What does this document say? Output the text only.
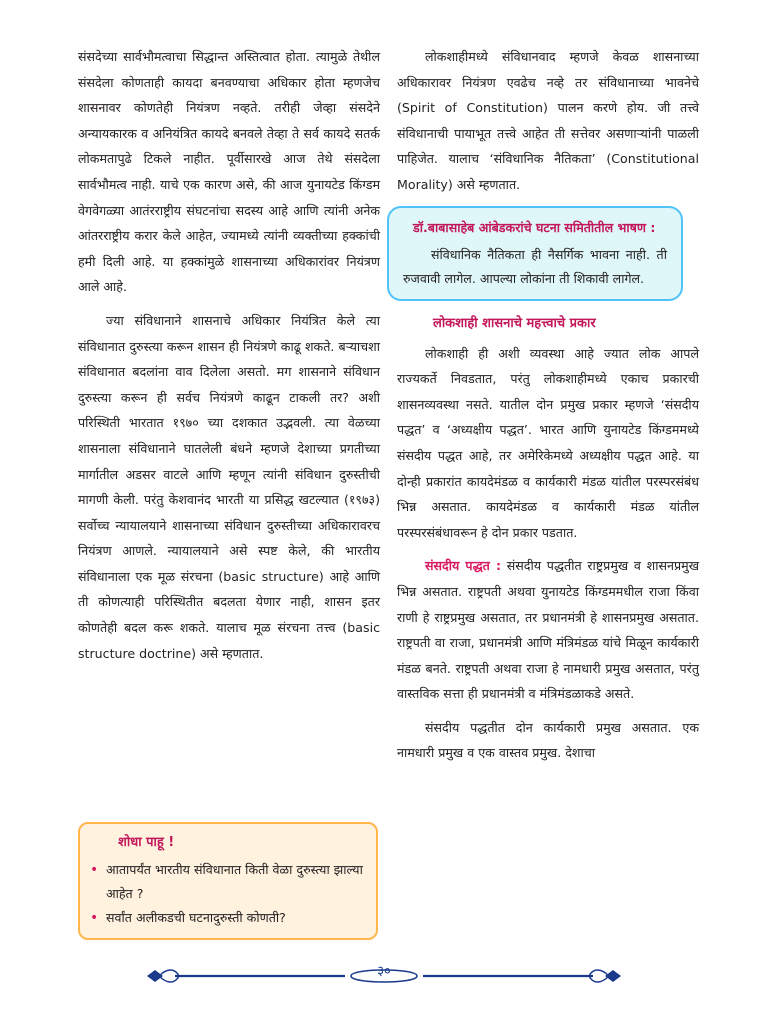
संसदेच्या सार्वभौमत्वाचा सिद्धान्त अस्तित्वात होता. त्यामुळे तेथील संसदेला कोणताही कायदा बनवण्याचा अधिकार होता म्हणजेच शासनावर कोणतेही नियंत्रण नव्हते. तरीही जेव्हा संसदेने अन्यायकारक व अनियंत्रित कायदे बनवले तेव्हा ते सर्व कायदे सतर्क लोकमतापुढे टिकले नाहीत. पूर्वीसारखे आज तेथे संसदेला सार्वभौमत्व नाही. याचे एक कारण असे, की आज युनायटेड किंग्डम वेगवेगळ्या आतंरराष्ट्रीय संघटनांचा सदस्य आहे आणि त्यांनी अनेक आंतरराष्ट्रीय करार केले आहेत, ज्यामध्ये त्यांनी व्यक्तीच्या हक्कांची हमी दिली आहे. या हक्कांमुळे शासनाच्या अधिकारांवर नियंत्रण आले आहे.

ज्या संविधानाने शासनाचे अधिकार नियंत्रित केले त्या संविधानात दुरुस्त्या करून शासन ही नियंत्रणे काढू शकते. बऱ्याचशा संविधानात बदलांना वाव दिलेला असतो. मग शासनाने संविधान दुरुस्त्या करून ही सर्वच नियंत्रणे काढून टाकली तर? अशी परिस्थिती भारतात १९७० च्या दशकात उद्भवली. त्या वेळच्या शासनाला संविधानाने घातलेली बंधने म्हणजे देशाच्या प्रगतीच्या मार्गातील अडसर वाटले आणि म्हणून त्यांनी संविधान दुरुस्तीची मागणी केली. परंतु केशवानंद भारती या प्रसिद्ध खटल्यात (१९७३) सर्वोच्च न्यायालयाने शासनाच्या संविधान दुरुस्तीच्या अधिकारावरच नियंत्रण आणले. न्यायालयाने असे स्पष्ट केले, की भारतीय संविधानाला एक मूळ संरचना (basic structure) आहे आणि ती कोणत्याही परिस्थितीत बदलता येणार नाही, शासन इतर कोणतेही बदल करू शकते. यालाच मूळ संरचना तत्त्व (basic structure doctrine) असे म्हणतात.

शोधा पाहू !
• आतापर्यंत भारतीय संविधानात किती वेळा दुरुस्त्या झाल्या आहेत ?
• सर्वांत अलीकडची घटनादुरुस्ती कोणती?

लोकशाहीमध्ये संविधानवाद म्हणजे केवळ शासनाच्या अधिकारावर नियंत्रण एवढेच नव्हे तर संविधानाच्या भावनेचे (Spirit of Constitution) पालन करणे होय. जी तत्त्वे संविधानाची पायाभूत तत्त्वे आहेत ती सत्तेवर असणाऱ्यांनी पाळली पाहिजेत. यालाच ‘संविधानिक नैतिकता’ (Constitutional Morality) असे म्हणतात.

डॉ.बाबासाहेब आंबेडकरांचे घटना समितीतील भाषण :
संविधानिक नैतिकता ही नैसर्गिक भावना नाही. ती रुजवावी लागेल. आपल्या लोकांना ती शिकावी लागेल.
लोकशाही शासनाचे महत्त्वाचे प्रकार

लोकशाही ही अशी व्यवस्था आहे ज्यात लोक आपले राज्यकर्ते निवडतात, परंतु लोकशाहीमध्ये एकाच प्रकारची शासनव्यवस्था नसते. यातील दोन प्रमुख प्रकार म्हणजे ‘संसदीय पद्धत’ व ‘अध्यक्षीय पद्धत’. भारत आणि युनायटेड किंग्डममध्ये संसदीय पद्धत आहे, तर अमेरिकेमध्ये अध्यक्षीय पद्धत आहे. या दोन्ही प्रकारांत कायदेमंडळ व कार्यकारी मंडळ यांतील परस्परसंबंध भिन्न असतात. कायदेमंडळ व कार्यकारी मंडळ यांतील परस्परसंबंधावरून हे दोन प्रकार पडतात.

संसदीय पद्धत : संसदीय पद्धतीत राष्ट्रप्रमुख व शासनप्रमुख भिन्न असतात. राष्ट्रपती अथवा युनायटेड किंग्डममधील राजा किंवा राणी हे राष्ट्रप्रमुख असतात, तर प्रधानमंत्री हे शासनप्रमुख असतात. राष्ट्रपती वा राजा, प्रधानमंत्री आणि मंत्रिमंडळ यांचे मिळून कार्यकारी मंडळ बनते. राष्ट्रपती अथवा राजा हे नामधारी प्रमुख असतात, परंतु वास्तविक सत्ता ही प्रधानमंत्री व मंत्रिमंडळाकडे असते.

संसदीय पद्धतीत दोन कार्यकारी प्रमुख असतात. एक नामधारी प्रमुख व एक वास्तव प्रमुख. देशाचा

३०
